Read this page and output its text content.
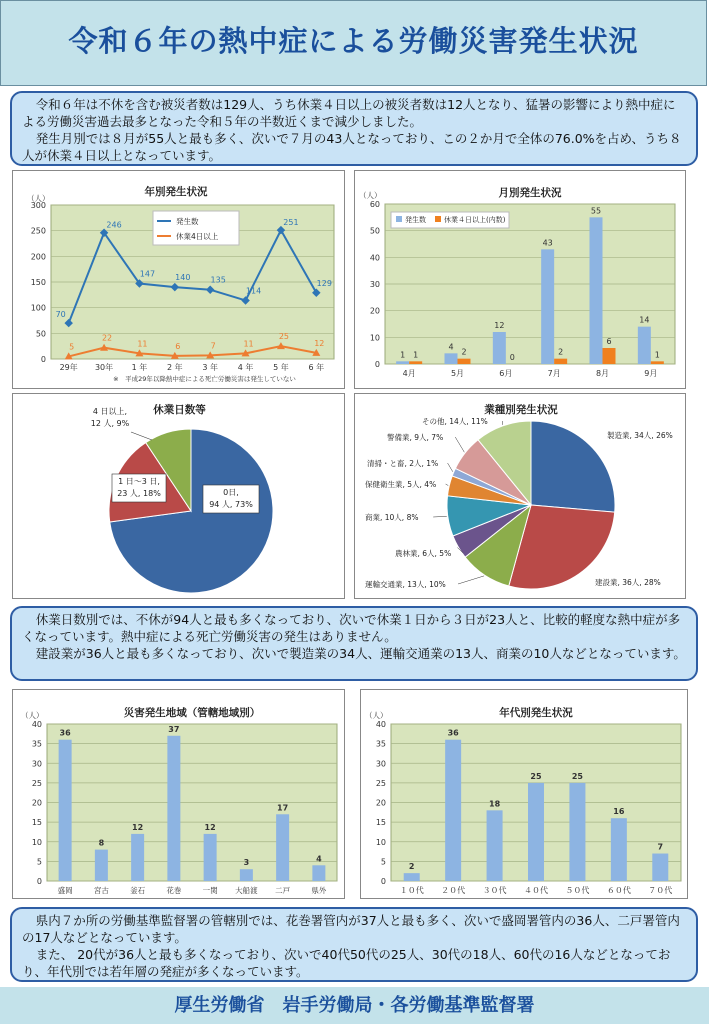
令和６年の熱中症による労働災害発生状況

令和６年は不休を含む被災者数は129人、うち休業４日以上の被災者数は12人となり、猛暑の影響により熱中症による労働災害過去最多となった令和５年の半数近くまで減少しました。

発生月別では８月が55人と最も多く、次いで７月の43人となっており、この２か月で全体の76.0%を占め、うち８人が休業４日以上となっています。

年別発生状況
0
50
100
150
200
250
300
（人）
29年 30年 1 年 2 年 3 年 4 年 5 年 6 年
70
246
147	140	135
114
251
129
5
22
11	6	7	11
25
12
発生数
休業4日以上
※　平成29年以降熱中症による死亡労働災害は発生していない
0
10
20
30
40
50
60
（人）	月別発生状況
4月
1 1
5月
4
2
6月
12
0
7月
43
2
8月
55
6
9月
14
1
発生数	休業４日以上(内数)
休業日数等
0日,
94 人, 73%
1 日～3 日,
23 人, 18%
4 日以上,
12 人, 9%
業種別発生状況
製造業, 34人, 26%
建設業, 36人, 28%
運輸交通業, 13人, 10%
農林業, 6人, 5%
商業, 10人, 8%
保健衛生業, 5人, 4%
清掃・と畜, 2人, 1%
警備業, 9人, 7%
その他, 14人, 11%

休業日数別では、不休が94人と最も多くなっており、次いで休業１日から３日が23人と、比較的軽度な熱中症が多くなっています。熱中症による死亡労働災害の発生はありません。

建設業が36人と最も多くなっており、次いで製造業の34人、運輸交通業の13人、商業の10人などとなっています。

0
5
10
15
20
25
30
35
40
（人）	災害発生地域（管轄地域別）
盛岡
36
宮古
8
釜石
12
花巻
37
一関
12
大船渡
3
二戸
17
県外
4
0
5
10
15
20
25
30
35
40
（人）	年代別発生状況
１０代
2
２０代
36
３０代
18
４０代
25
５０代
25
６０代
16
７０代
7

県内７か所の労働基準監督署の管轄別では、花巻署管内が37人と最も多く、次いで盛岡署管内の36人、二戸署管内の17人などとなっています。

また、 20代が36人と最も多くなっており、次いで40代50代の25人、30代の18人、60代の16人などとなっており、年代別では若年層の発症が多くなっています。

厚生労働省　岩手労働局・各労働基準監督署
